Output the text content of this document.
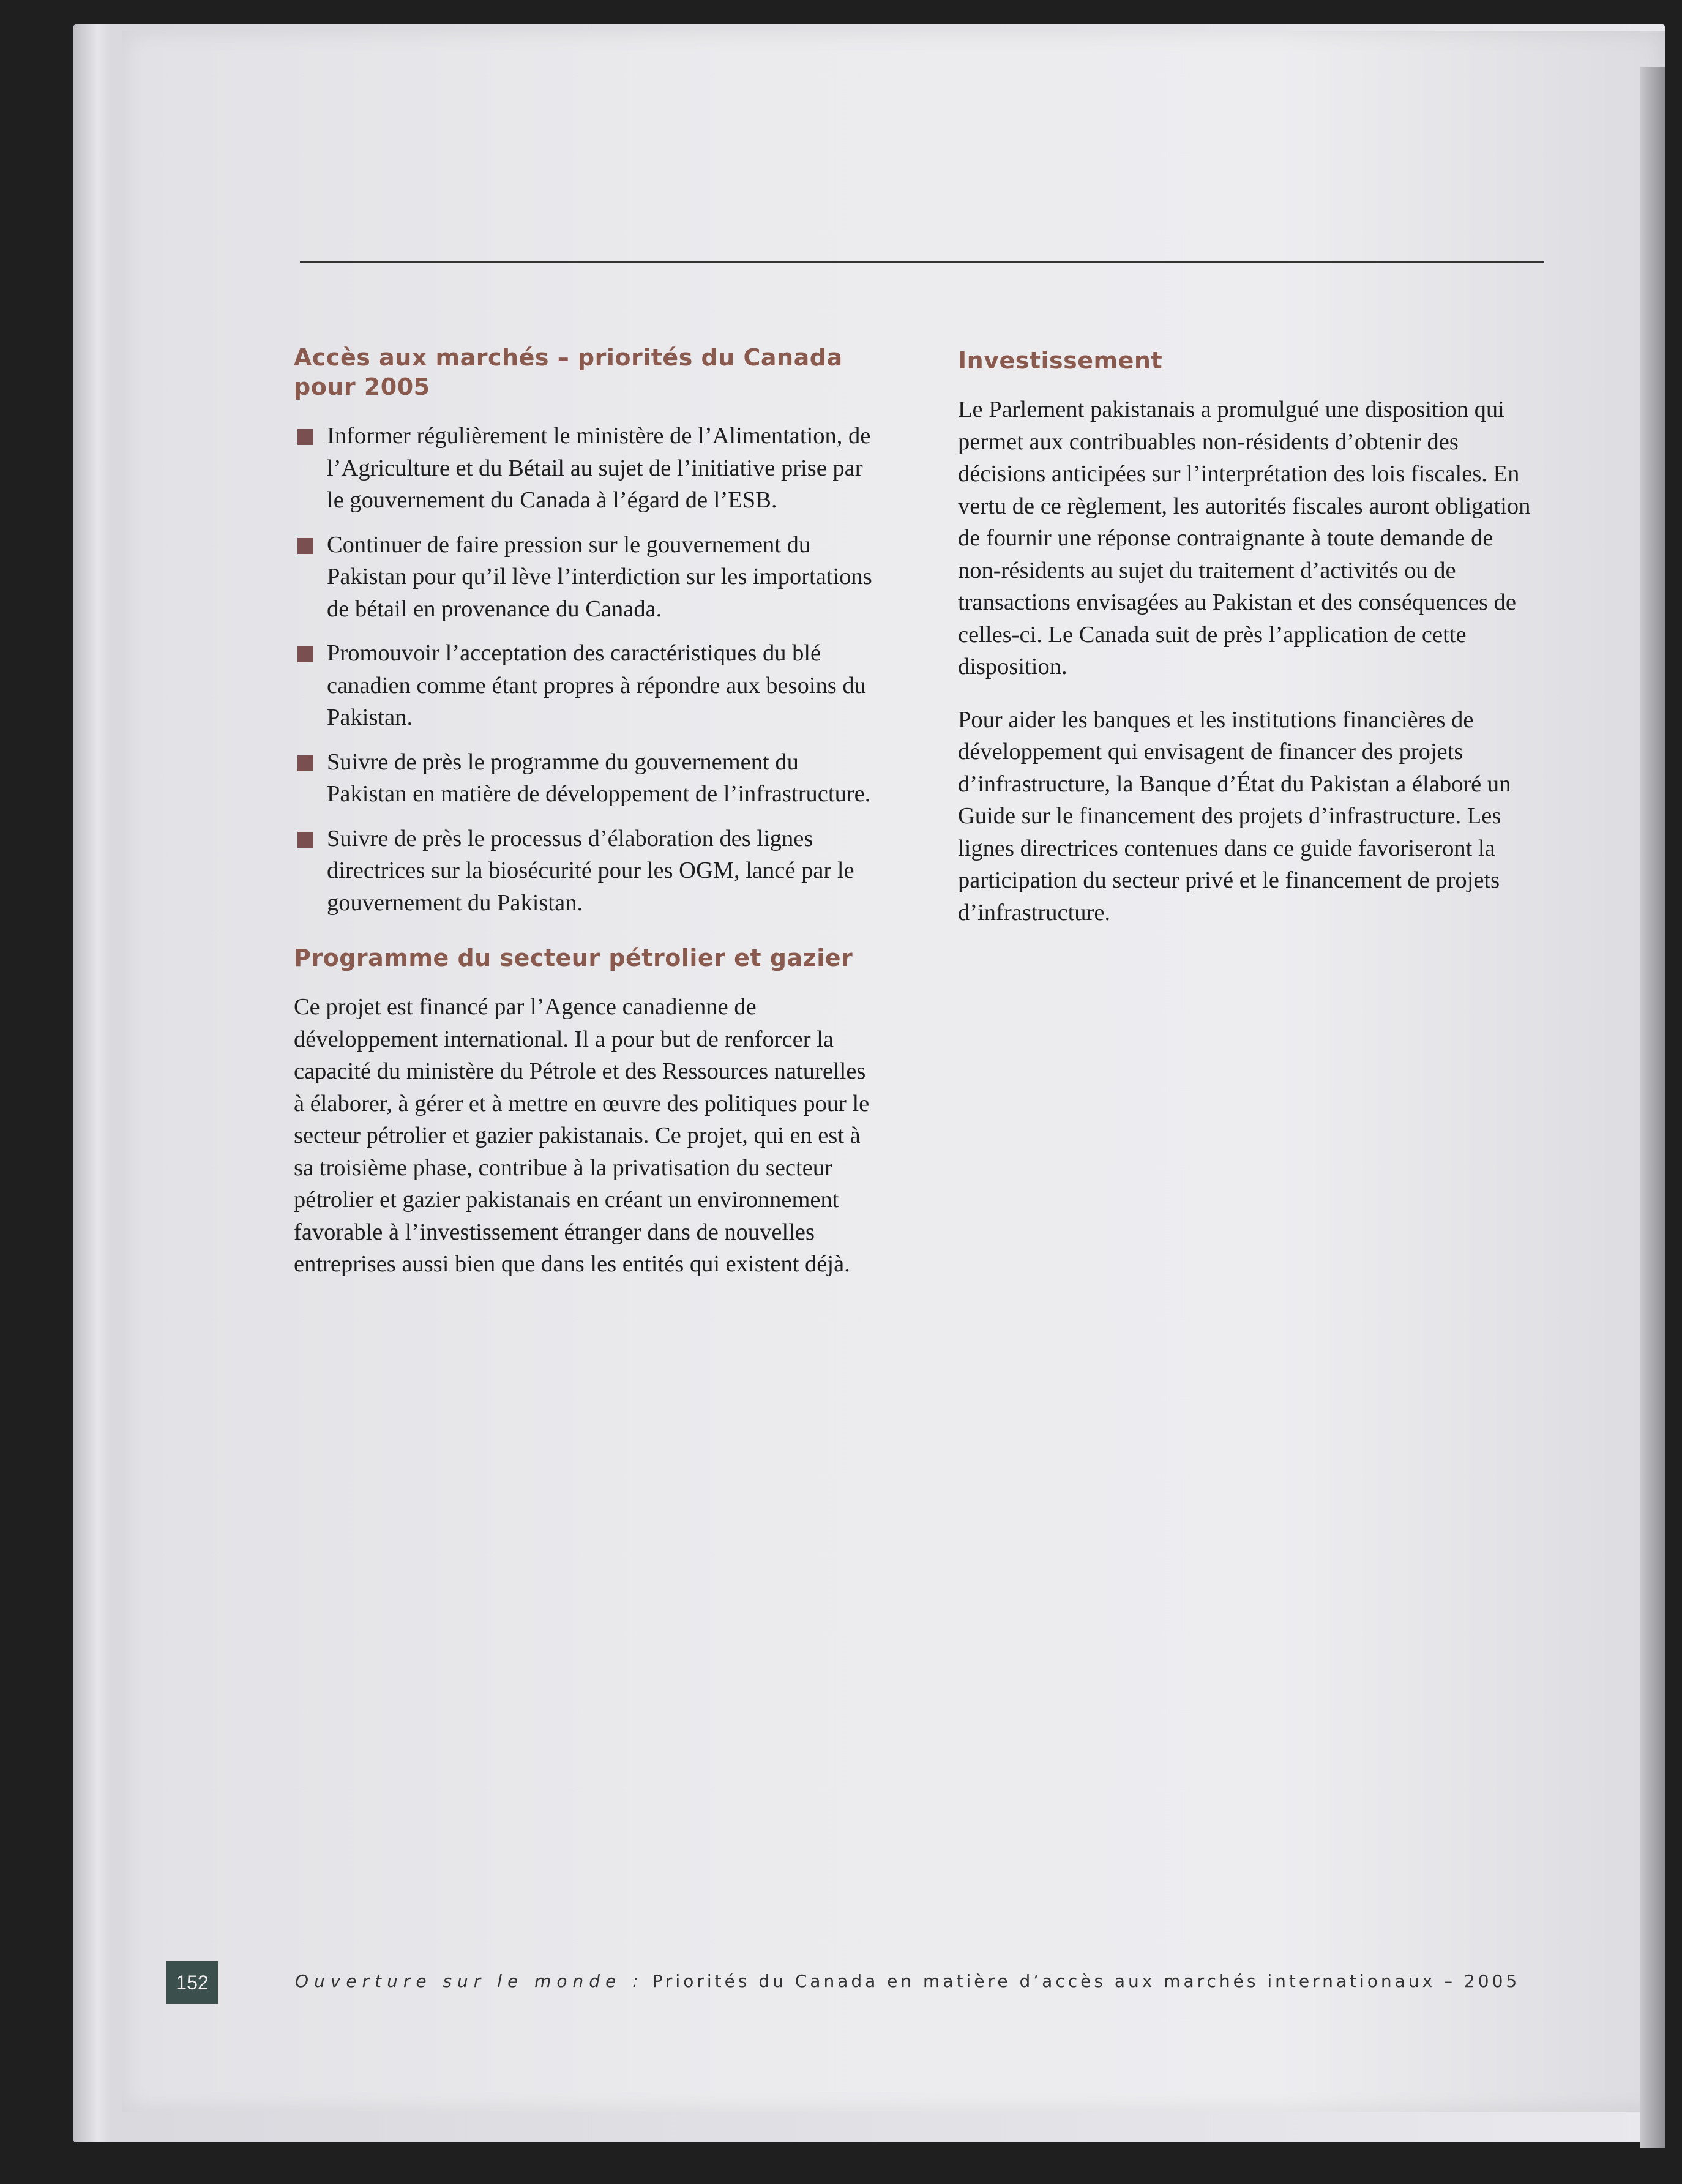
Accès aux marchés – priorités du Canada pour 2005
Informer régulièrement le ministère de l’Alimentation, de l’Agriculture et du Bétail au sujet de l’initiative prise par le gouvernement du Canada à l’égard de l’ESB.
Continuer de faire pression sur le gouvernement du Pakistan pour qu’il lève l’interdiction sur les importations de bétail en provenance du Canada.
Promouvoir l’acceptation des caractéristiques du blé canadien comme étant propres à répondre aux besoins du Pakistan.
Suivre de près le programme du gouvernement du Pakistan en matière de développement de l’infrastructure.
Suivre de près le processus d’élaboration des lignes directrices sur la biosécurité pour les OGM, lancé par le gouvernement du Pakistan.
Programme du secteur pétrolier et gazier

Ce projet est financé par l’Agence canadienne de développement international. Il a pour but de renforcer la capacité du ministère du Pétrole et des Ressources naturelles à élaborer, à gérer et à mettre en œuvre des politiques pour le secteur pétrolier et gazier pakistanais. Ce projet, qui en est à sa troisième phase, contribue à la privatisation du secteur pétrolier et gazier pakistanais en créant un environnement favorable à l’investissement étranger dans de nouvelles entreprises aussi bien que dans les entités qui existent déjà.

Investissement

Le Parlement pakistanais a promulgué une disposition qui permet aux contribuables non-résidents d’obtenir des décisions anticipées sur l’interprétation des lois fiscales. En vertu de ce règlement, les autorités fiscales auront obligation de fournir une réponse contraignante à toute demande de non-résidents au sujet du traitement d’activités ou de transactions envisagées au Pakistan et des conséquences de celles-ci. Le Canada suit de près l’application de cette disposition.

Pour aider les banques et les institutions financières de développement qui envisagent de financer des projets d’infrastructure, la Banque d’État du Pakistan a élaboré un Guide sur le financement des projets d’infrastructure. Les lignes directrices contenues dans ce guide favoriseront la participation du secteur privé et le financement de projets d’infrastructure.

152	Ouverture sur le monde : Priorités du Canada en matière d’accès aux marchés internationaux – 2005
